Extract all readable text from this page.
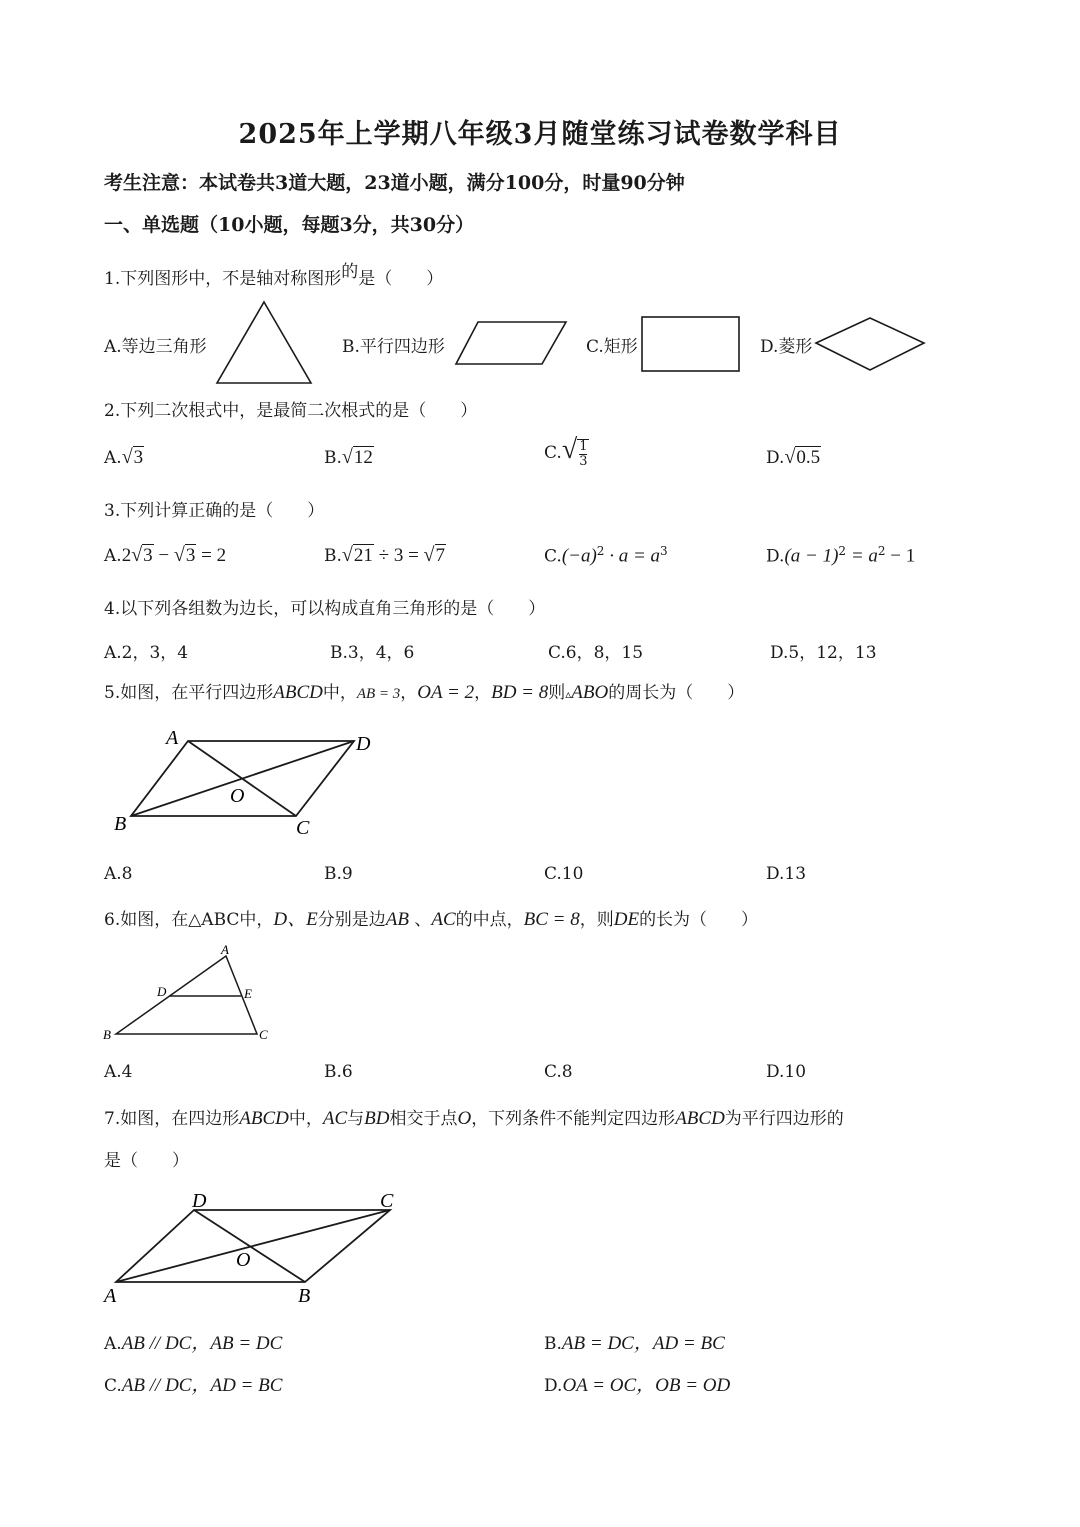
2025年上学期八年级3月随堂练习试卷数学科目
考生注意：本试卷共3道大题，23道小题，满分100分，时量90分钟
一、单选题（10小题，每题3分，共30分）
1.下列图形中，不是轴对称图形的是（　　）
A.等边三角形	B.平行四边形	C.矩形	D.菱形
2.下列二次根式中，是最简二次根式的是（　　）
A.√3	B.√12	$C.√ \frac{1}{3}$	D.√0.5
3.下列计算正确的是（　　）
A.2√3 − √3 = 2	B.√21 ÷ 3 = √7	$C.(-a)^2 \cdot a = a^3$	$D.(a - 1)^2 = a^2 - 1$
4.以下列各组数为边长，可以构成直角三角形的是（　　）
A.2，3，4	B.3，4，6	C.6，8，15	D.5，12，13
5.如图，在平行四边形ABCD中，AB = 3，OA = 2，BD = 8则▵ABO的周长为（　　）
A	D
B	C
O
A.8	B.9	C.10	D.13
6.如图，在△ABC中，D、E分别是边AB 、AC的中点，BC = 8，则DE的长为（　　）
A
D	E
B	C
A.4	B.6	C.8	D.10
7.如图，在四边形ABCD中，AC与BD相交于点O，下列条件不能判定四边形ABCD为平行四边形的
是（　　）
D	C
A	B
O
A.AB // DC，AB = DC	B.AB = DC，AD = BC
C.AB // DC，AD = BC	D.OA = OC，OB = OD
